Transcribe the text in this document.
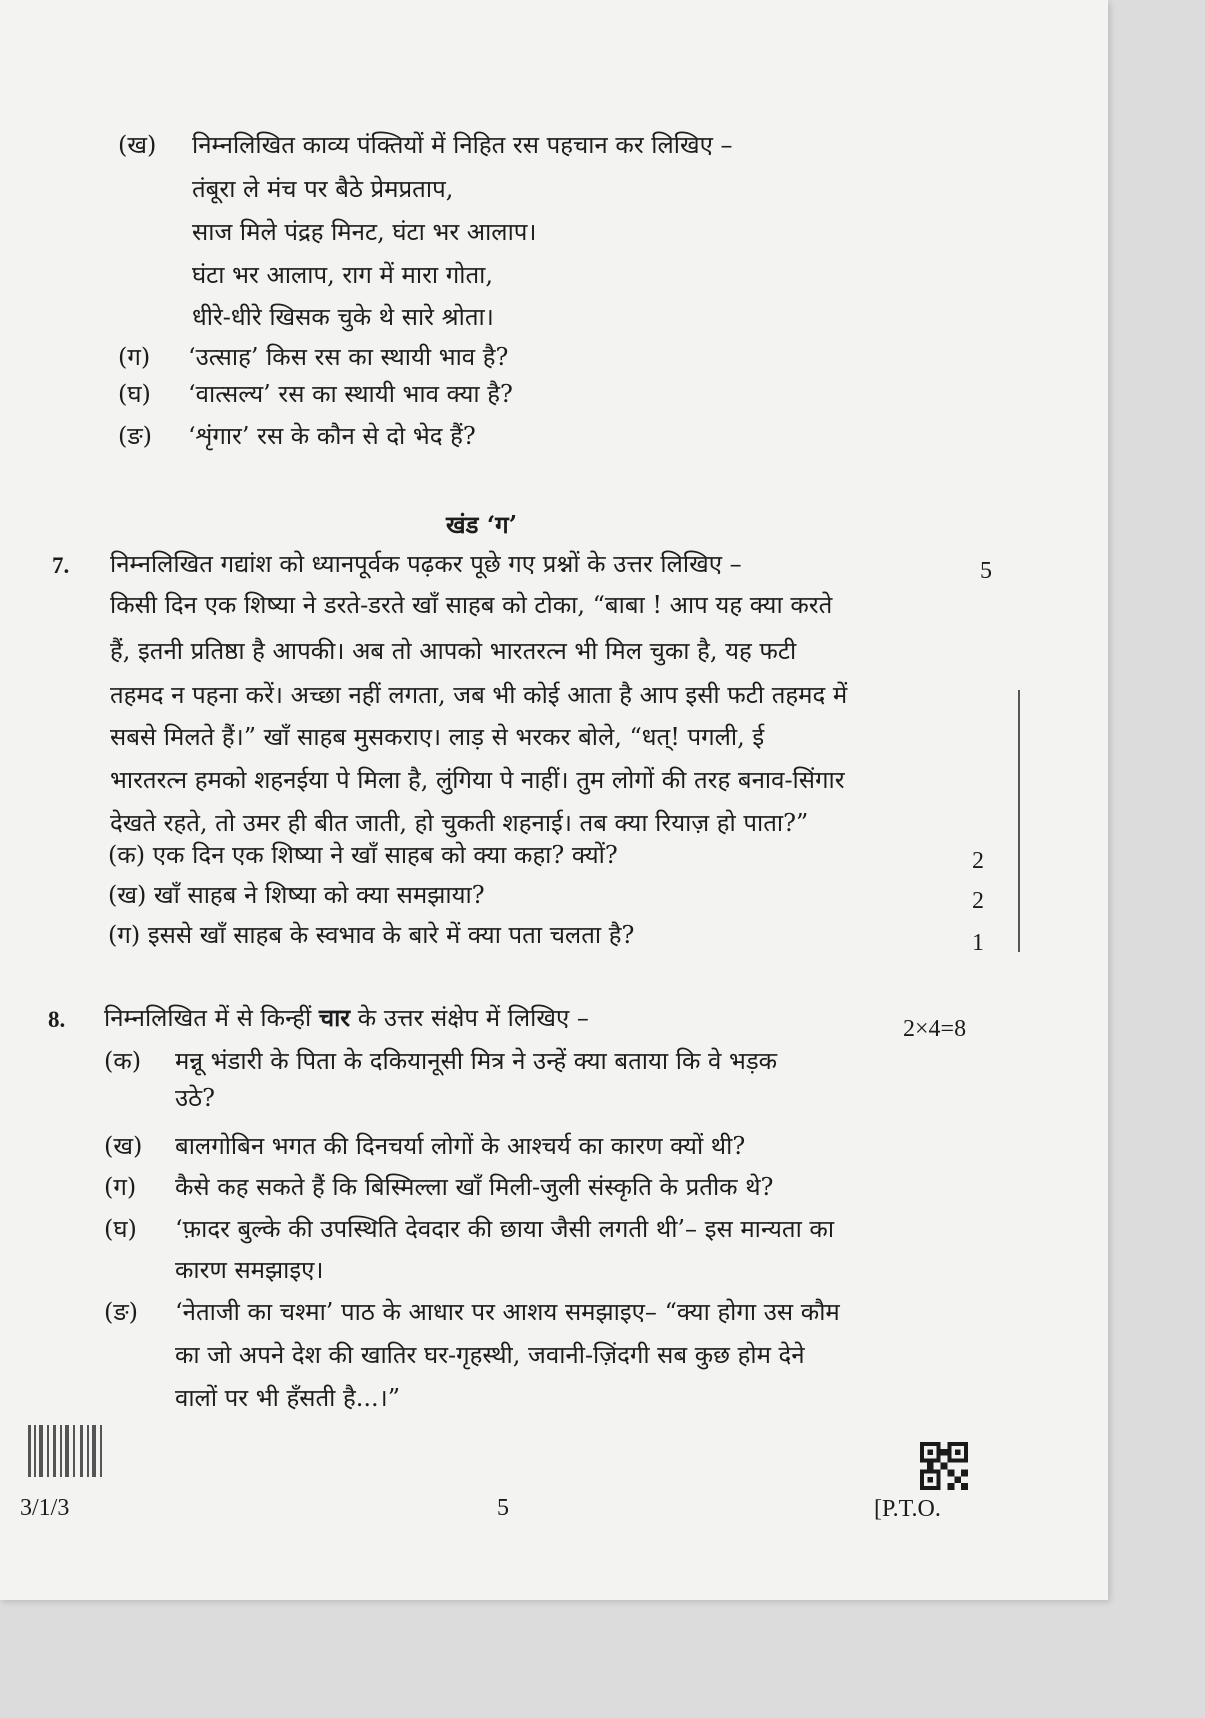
(ख) निम्नलिखित काव्य पंक्तियों में निहित रस पहचान कर लिखिए –
तंबूरा ले मंच पर बैठे प्रेमप्रताप,
साज मिले पंद्रह मिनट, घंटा भर आलाप।
घंटा भर आलाप, राग में मारा गोता,
धीरे-धीरे खिसक चुके थे सारे श्रोता।
(ग) ‘उत्साह’ किस रस का स्थायी भाव है?
(घ) ‘वात्सल्य’ रस का स्थायी भाव क्या है?
(ङ) ‘शृंगार’ रस के कौन से दो भेद हैं?
खंड ‘ग’
7. निम्नलिखित गद्यांश को ध्यानपूर्वक पढ़कर पूछे गए प्रश्नों के उत्तर लिखिए –	5
किसी दिन एक शिष्या ने डरते-डरते खाँ साहब को टोका, “बाबा ! आप यह क्या करते
हैं, इतनी प्रतिष्ठा है आपकी। अब तो आपको भारतरत्न भी मिल चुका है, यह फटी
तहमद न पहना करें। अच्छा नहीं लगता, जब भी कोई आता है आप इसी फटी तहमद में
सबसे मिलते हैं।” खाँ साहब मुसकराए। लाड़ से भरकर बोले, “धत्! पगली, ई
भारतरत्न हमको शहनईया पे मिला है, लुंगिया पे नाहीं। तुम लोगों की तरह बनाव-सिंगार
देखते रहते, तो उमर ही बीत जाती, हो चुकती शहनाई। तब क्या रियाज़ हो पाता?”
(क) एक दिन एक शिष्या ने खाँ साहब को क्या कहा? क्यों?	2
(ख) खाँ साहब ने शिष्या को क्या समझाया?	2
(ग) इससे खाँ साहब के स्वभाव के बारे में क्या पता चलता है?	1
8. निम्नलिखित में से किन्हीं चार के उत्तर संक्षेप में लिखिए –	2×4=8
(क) मन्नू भंडारी के पिता के दकियानूसी मित्र ने उन्हें क्या बताया कि वे भड़क
उठे?
(ख) बालगोबिन भगत की दिनचर्या लोगों के आश्चर्य का कारण क्यों थी?
(ग) कैसे कह सकते हैं कि बिस्मिल्ला खाँ मिली-जुली संस्कृति के प्रतीक थे?
(घ) ‘फ़ादर बुल्के की उपस्थिति देवदार की छाया जैसी लगती थी’– इस मान्यता का
कारण समझाइए।
(ङ) ‘नेताजी का चश्मा’ पाठ के आधार पर आशय समझाइए– “क्या होगा उस कौम
का जो अपने देश की खातिर घर-गृहस्थी, जवानी-ज़िंदगी सब कुछ होम देने
वालों पर भी हँसती है...।”
3/1/3	5	[P.T.O.
